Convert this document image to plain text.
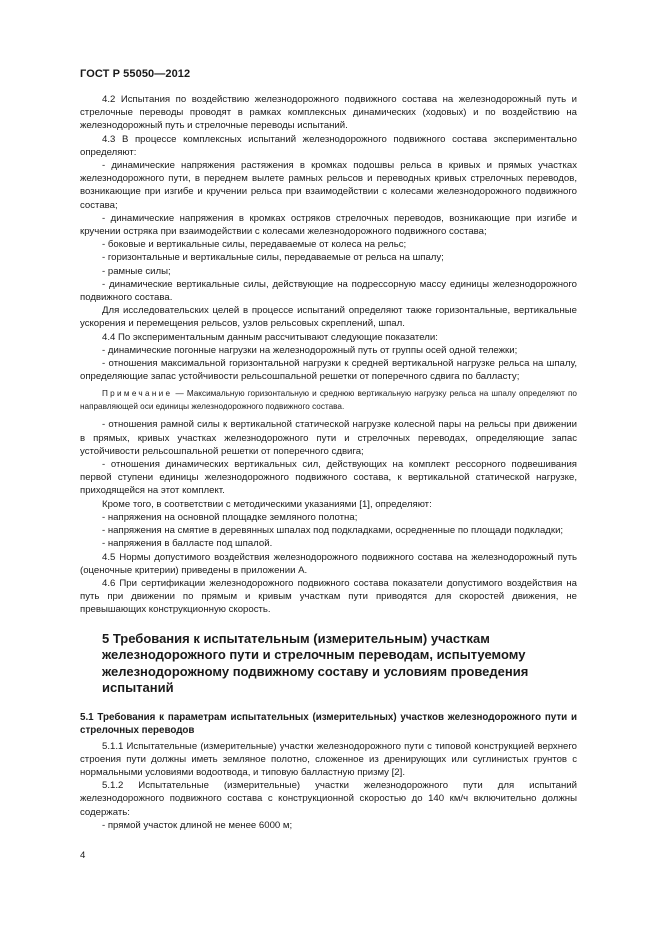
ГОСТ Р 55050—2012

4.2 Испытания по воздействию железнодорожного подвижного состава на железнодорожный путь и стрелочные переводы проводят в рамках комплексных динамических (ходовых) и по воздействию на железнодорожный путь и стрелочные переводы испытаний.

4.3 В процессе комплексных испытаний железнодорожного подвижного состава экспериментально определяют:

- динамические напряжения растяжения в кромках подошвы рельса в кривых и прямых участках железнодорожного пути, в переднем вылете рамных рельсов и переводных кривых стрелочных переводов, возникающие при изгибе и кручении рельса при взаимодействии с колесами железнодорожного подвижного состава;

- динамические напряжения в кромках остряков стрелочных переводов, возникающие при изгибе и кручении остряка при взаимодействии с колесами железнодорожного подвижного состава;

- боковые и вертикальные силы, передаваемые от колеса на рельс;

- горизонтальные и вертикальные силы, передаваемые от рельса на шпалу;

- рамные силы;

- динамические вертикальные силы, действующие на подрессорную массу единицы железнодорожного подвижного состава.

Для исследовательских целей в процессе испытаний определяют также горизонтальные, вертикальные ускорения и перемещения рельсов, узлов рельсовых скреплений, шпал.

4.4 По экспериментальным данным рассчитывают следующие показатели:

- динамические погонные нагрузки на железнодорожный путь от группы осей одной тележки;

- отношения максимальной горизонтальной нагрузки к средней вертикальной нагрузке рельса на шпалу, определяющие запас устойчивости рельсошпальной решетки от поперечного сдвига по балласту;

Примечание — Максимальную горизонтальную и среднюю вертикальную нагрузку рельса на шпалу определяют по направляющей оси единицы железнодорожного подвижного состава.

- отношения рамной силы к вертикальной статической нагрузке колесной пары на рельсы при движении в прямых, кривых участках железнодорожного пути и стрелочных переводах, определяющие запас устойчивости рельсошпальной решетки от поперечного сдвига;

- отношения динамических вертикальных сил, действующих на комплект рессорного подвешивания первой ступени единицы железнодорожного подвижного состава, к вертикальной статической нагрузке, приходящейся на этот комплект.

Кроме того, в соответствии с методическими указаниями [1], определяют:

- напряжения на основной площадке земляного полотна;

- напряжения на смятие в деревянных шпалах под подкладками, осредненные по площади подкладки;

- напряжения в балласте под шпалой.

4.5 Нормы допустимого воздействия железнодорожного подвижного состава на железнодорожный путь (оценочные критерии) приведены в приложении А.

4.6 При сертификации железнодорожного подвижного состава показатели допустимого воздействия на путь при движении по прямым и кривым участкам пути приводятся для скоростей движения, не превышающих конструкционную скорость.

5 Требования к испытательным (измерительным) участкам железнодорожного пути и стрелочным переводам, испытуемому железнодорожному подвижному составу и условиям проведения испытаний
5.1 Требования к параметрам испытательных (измерительных) участков железнодорожного пути и стрелочных переводов

5.1.1 Испытательные (измерительные) участки железнодорожного пути с типовой конструкцией верхнего строения пути должны иметь земляное полотно, сложенное из дренирующих или суглинистых грунтов с нормальными условиями водоотвода, и типовую балластную призму [2].

5.1.2 Испытательные (измерительные) участки железнодорожного пути для испытаний железнодорожного подвижного состава с конструкционной скоростью до 140 км/ч включительно должны содержать:

- прямой участок длиной не менее 6000 м;

4
